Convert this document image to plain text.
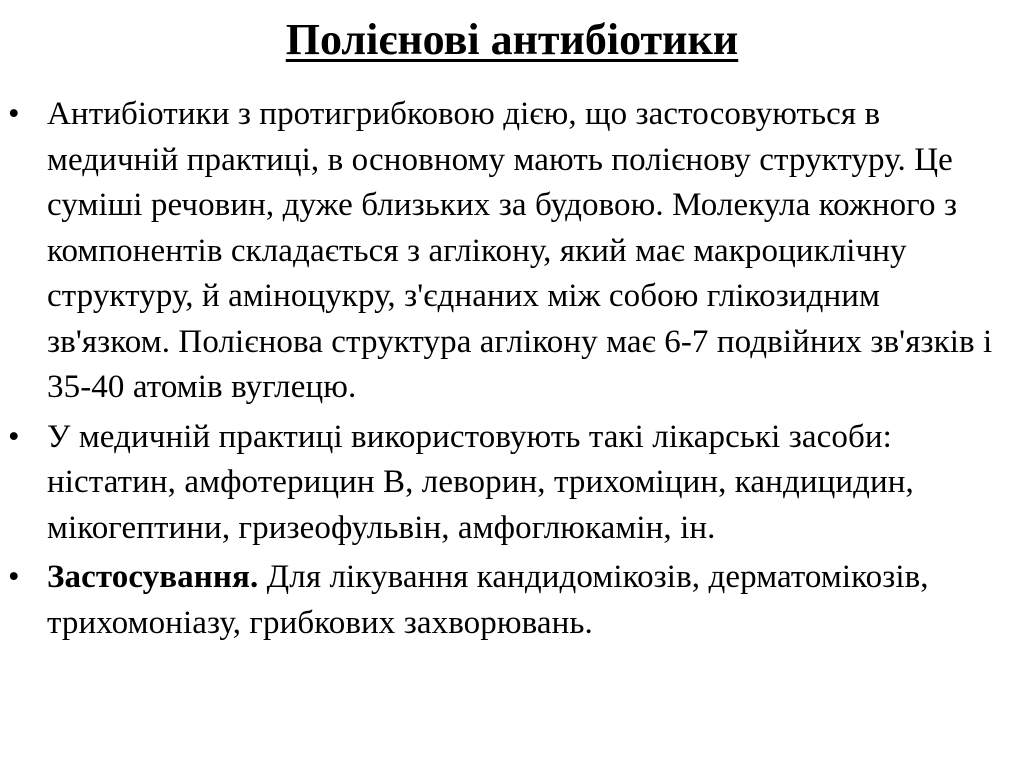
Полієнові антибіотики
• Антибіотики з протигрибковою дією, що застосовуються в медичній практиці, в основному мають полієнову структуру. Це суміші речовин, дуже близьких за будовою. Молекула кожного з компонентів складається з аглікону, який має макроциклічну структуру, й аміноцукру, з'єднаних між собою глікозидним зв'язком. Полієнова структура аглікону має 6-7 подвійних зв'язків і 35-40 атомів вуглецю.
• У медичній практиці використовують такі лікарські засоби: ністатин, амфотерицин В, леворин, трихоміцин, кандицидин, мікогептини, гризеофульвін, амфоглюкамін, ін.
• Застосування. Для лікування кандидомікозів, дерматомікозів, трихомоніазу, грибкових захворювань.
